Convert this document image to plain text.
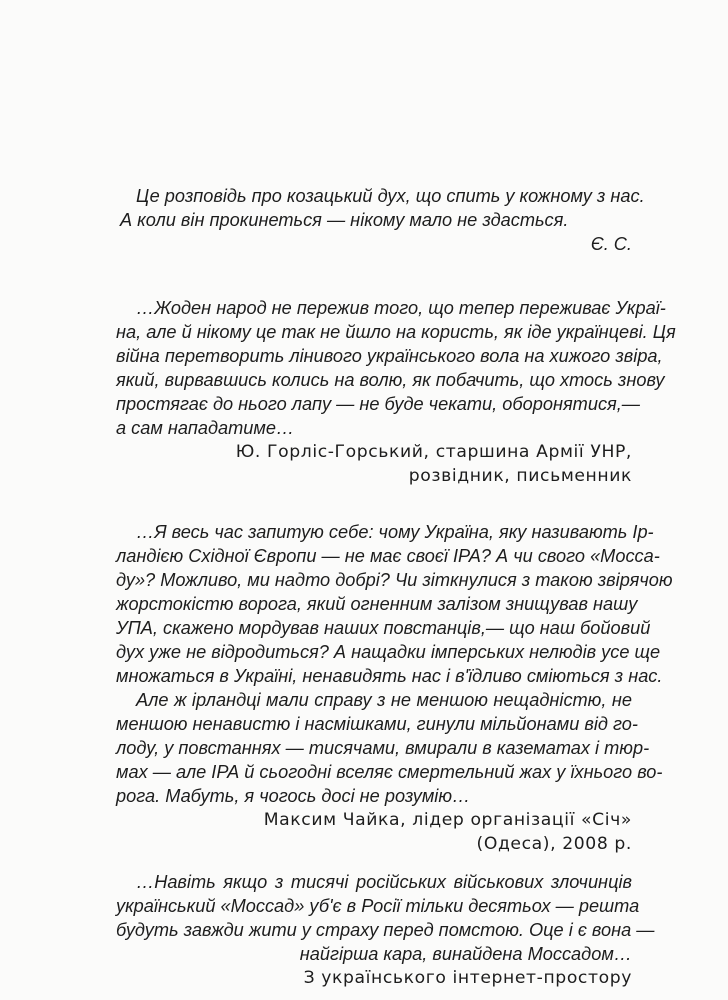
Це розповідь про козацький дух, що спить у кожному з нас.
А коли він прокинеться — нікому мало не здасться.
Є. С.
…Жоден народ не пережив того, що тепер переживає Украї-
на, але й нікому це так не йшло на користь, як іде українцеві. Ця
війна перетворить лінивого українського вола на хижого звіра,
який, вирвавшись колись на волю, як побачить, що хтось знову
простягає до нього лапу — не буде чекати, оборонятися,—
а сам нападатиме…
Ю. Горліс-Горський, старшина Армії УНР,
розвідник, письменник
…Я весь час запитую себе: чому Україна, яку називають Ір-
ландією Східної Європи — не має своєї ІРА? А чи свого «Моссa-
ду»? Можливо, ми надто добрі? Чи зіткнулися з такою звірячою
жорстокістю ворога, який огненним залізом знищував нашу
УПА, скажено мордував наших повстанців,— що наш бойовий
дух уже не відродиться? А нащадки імперських нелюдів усе ще
множаться в Україні, ненавидять нас і в'їдливо сміються з нас.
Але ж ірландці мали справу з не меншою нещадністю, не
меншою ненавистю і насмішками, гинули мільйонами від го-
лоду, у повстаннях — тисячами, вмирали в казематах і тюр-
мах — але ІРА й сьогодні вселяє смертельний жах у їхнього во-
рога. Мабуть, я чогось досі не розумію…
Максим Чайка, лідер організації «Січ»
(Одеса), 2008 р.
…Навіть якщо з тисячі російських військових злочинців
український «Моссад» уб'є в Росії тільки десятьох — решта
будуть завжди жити у страху перед помстою. Оце і є вона —
найгірша кара, винайдена Моссадом…
З українського інтернет-простору
